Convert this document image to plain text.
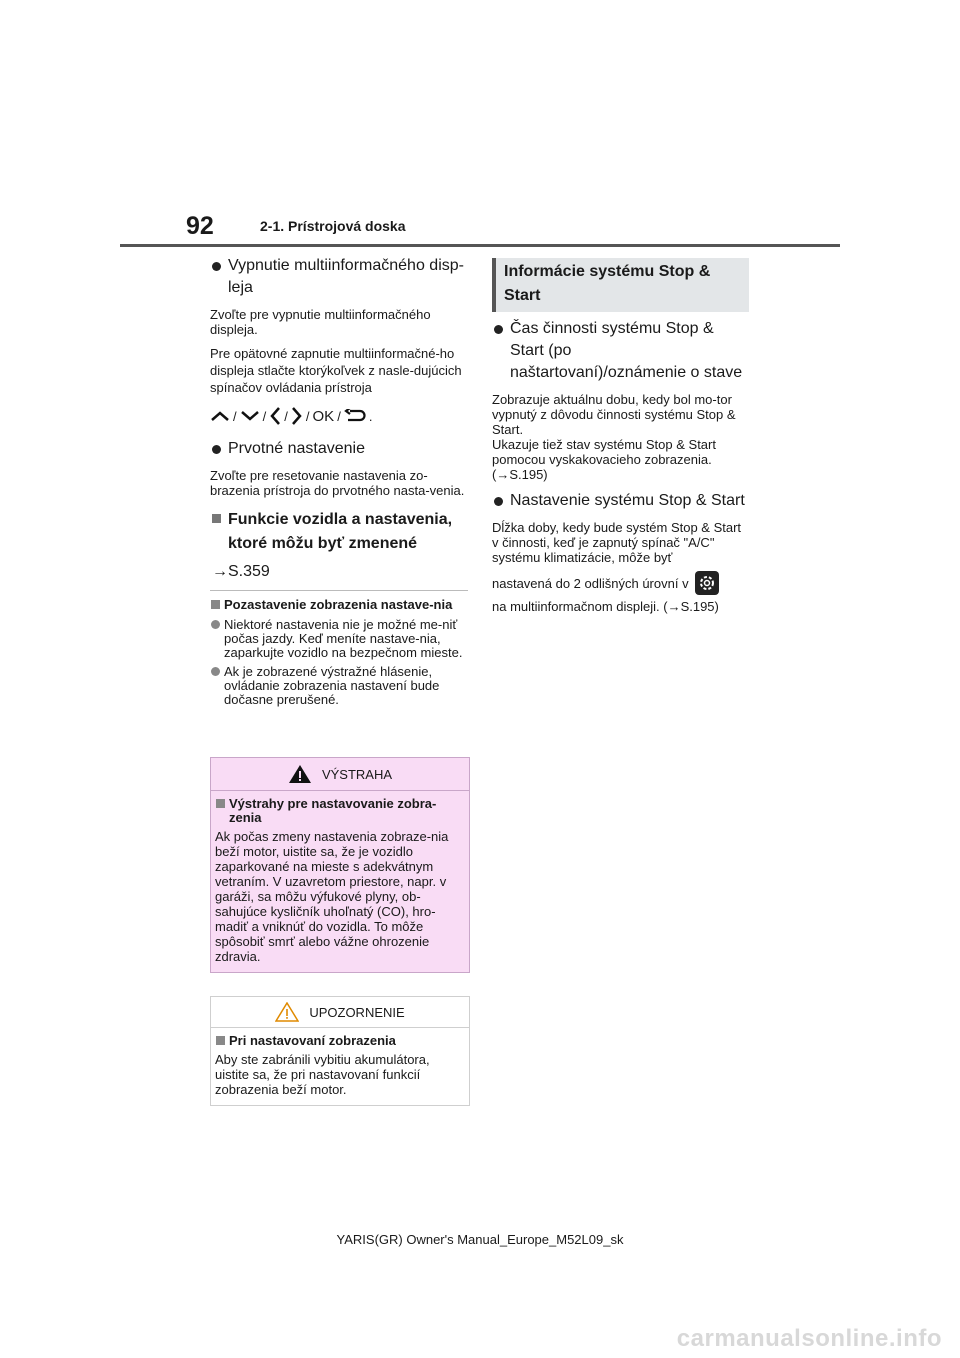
92	2-1. Prístrojová doska
Vypnutie multiinformačného disp-leja

Zvoľte pre vypnutie multiinformačného displeja.

Pre opätovné zapnutie multiinformačné-ho displeja stlačte ktorýkoľvek z nasle-dujúcich spínačov ovládania prístroja

/ / / / OK / .
Prvotné nastavenie

Zvoľte pre resetovanie nastavenia zo-brazenia prístroja do prvotného nasta-venia.

Funkcie vozidla a nastavenia, ktoré môžu byť zmenené
→S.359
Pozastavenie zobrazenia nastave-nia
Niektoré nastavenia nie je možné me-niť počas jazdy. Keď meníte nastave-nia, zaparkujte vozidlo na bezpečnom mieste.
Ak je zobrazené výstražné hlásenie, ovládanie zobrazenia nastavení bude dočasne prerušené.
VÝSTRAHA
Výstrahy pre nastavovanie zobra-zenia

Ak počas zmeny nastavenia zobraze-nia beží motor, uistite sa, že je vozidlo zaparkované na mieste s adekvátnym vetraním. V uzavretom priestore, napr. v garáži, sa môžu výfukové plyny, ob-sahujúce kysličník uhoľnatý (CO), hro-madiť a vniknúť do vozidla. To môže spôsobiť smrť alebo vážne ohrozenie zdravia.

UPOZORNENIE
Pri nastavovaní zobrazenia

Aby ste zabránili vybitiu akumulátora, uistite sa, že pri nastavovaní funkcií zobrazenia beží motor.

Informácie systému Stop & Start
Čas činnosti systému Stop & Start (po naštartovaní)/oznámenie o stave

Zobrazuje aktuálnu dobu, kedy bol mo-tor vypnutý z dôvodu činnosti systému Stop & Start.

Ukazuje tiež stav systému Stop & Start pomocou vyskakovacieho zobrazenia. (→S.195)

Nastavenie systému Stop & Start

Dĺžka doby, kedy bude systém Stop & Start v činnosti, keď je zapnutý spínač "A/C" systému klimatizácie, môže byť

nastavená do 2 odlišných úrovní v

na multiinformačnom displeji. (→S.195)

YARIS(GR) Owner's Manual_Europe_M52L09_sk
carmanualsonline.info
